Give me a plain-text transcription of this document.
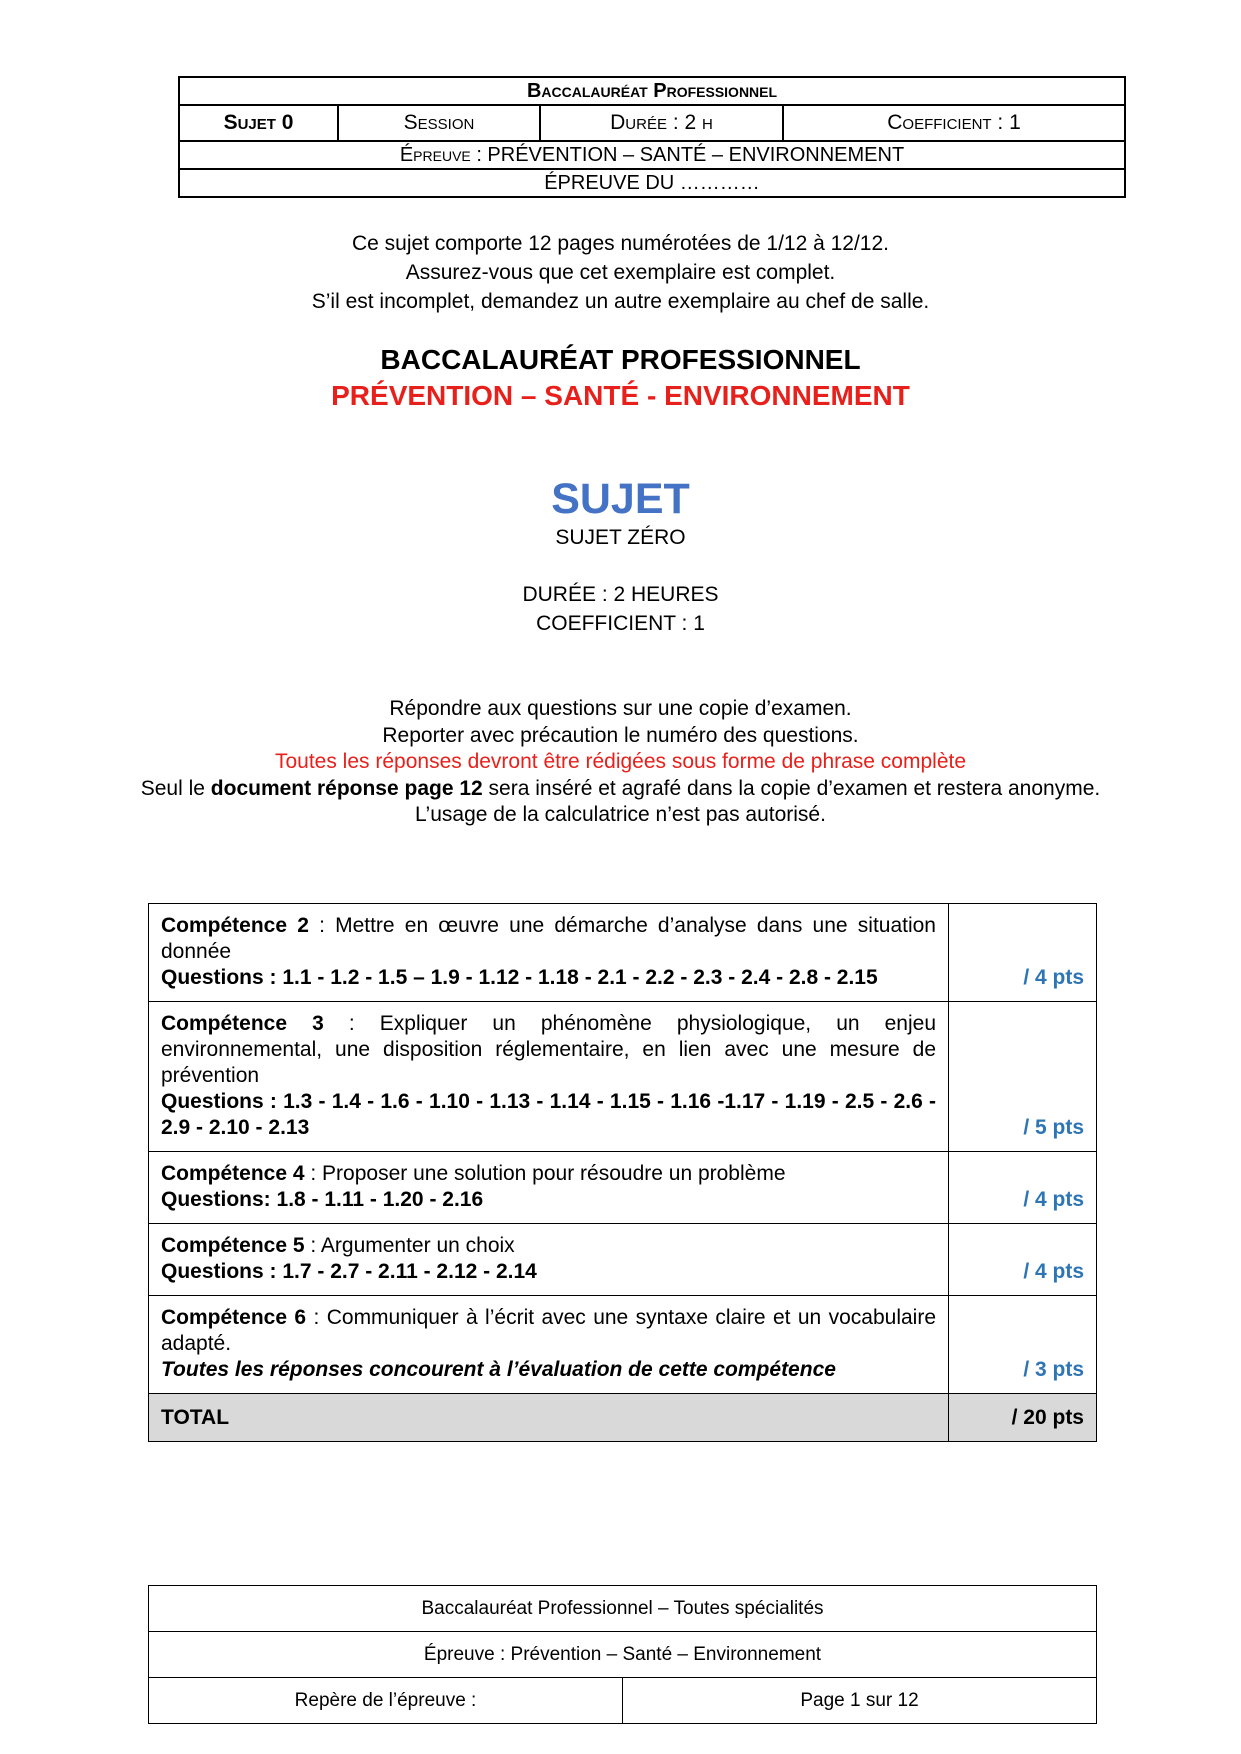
Baccalauréat Professionnel
Sujet 0	Session	Durée : 2 h	Coefficient : 1
Épreuve : PRÉVENTION – SANTÉ – ENVIRONNEMENT
ÉPREUVE DU …………
Ce sujet comporte 12 pages numérotées de 1/12 à 12/12.
Assurez-vous que cet exemplaire est complet.
S’il est incomplet, demandez un autre exemplaire au chef de salle.
BACCALAURÉAT PROFESSIONNEL
PRÉVENTION – SANTÉ - ENVIRONNEMENT
SUJET
SUJET ZÉRO
DURÉE : 2 HEURES
COEFFICIENT : 1
Répondre aux questions sur une copie d’examen.
Reporter avec précaution le numéro des questions.
Toutes les réponses devront être rédigées sous forme de phrase complète
Seul le document réponse page 12 sera inséré et agrafé dans la copie d’examen et restera anonyme.
L’usage de la calculatrice n’est pas autorisé.
Compétence 2 : Mettre en œuvre une démarche d’analyse dans une situation donnée
Questions : 1.1 - 1.2 - 1.5 – 1.9 - 1.12 - 1.18 - 2.1 - 2.2 - 2.3 - 2.4 - 2.8 - 2.15	/ 4 pts
Compétence 3 : Expliquer un phénomène physiologique, un enjeu environnemental, une disposition réglementaire, en lien avec une mesure de prévention
Questions : 1.3 - 1.4 - 1.6 - 1.10 - 1.13 - 1.14 - 1.15 - 1.16 -1.17 - 1.19 - 2.5 - 2.6 - 2.9 - 2.10 - 2.13	/ 5 pts
Compétence 4 : Proposer une solution pour résoudre un problème
Questions: 1.8 - 1.11 - 1.20 - 2.16	/ 4 pts
Compétence 5 : Argumenter un choix
Questions : 1.7 - 2.7 - 2.11 - 2.12 - 2.14	/ 4 pts
Compétence 6 : Communiquer à l’écrit avec une syntaxe claire et un vocabulaire adapté.
Toutes les réponses concourent à l’évaluation de cette compétence	/ 3 pts
TOTAL	/ 20 pts
Baccalauréat Professionnel – Toutes spécialités
Épreuve : Prévention – Santé – Environnement
Repère de l’épreuve :	Page 1 sur 12
